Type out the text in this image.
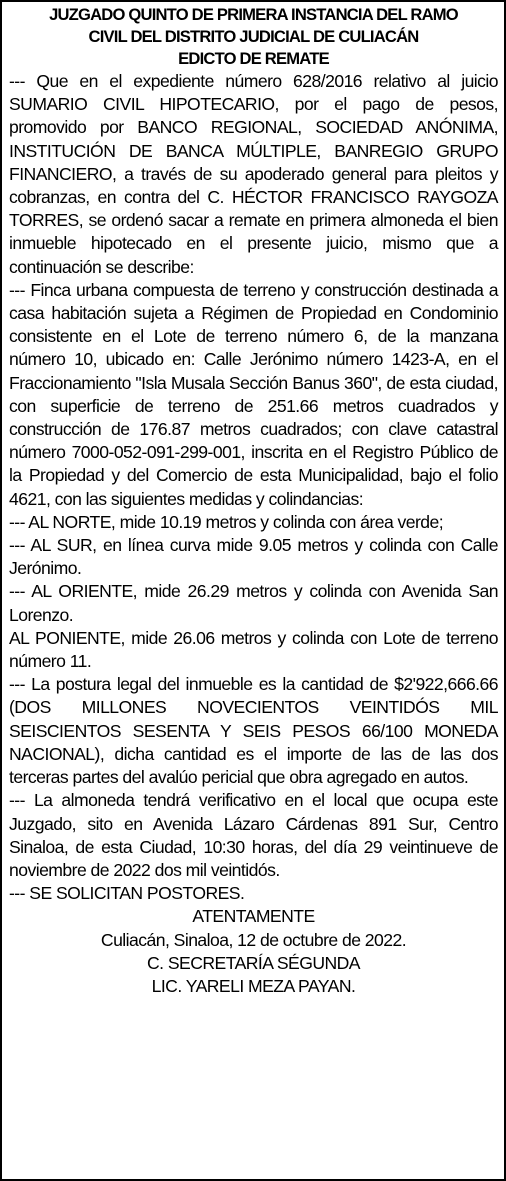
JUZGADO QUINTO DE PRIMERA INSTANCIA DEL RAMO

CIVIL DEL DISTRITO JUDICIAL DE CULIACÁN

EDICTO DE REMATE

--- Que en el expediente número 628/2016 relativo al juicio SUMARIO CIVIL HIPOTECARIO, por el pago de pesos, promovido por BANCO REGIONAL, SOCIEDAD ANÓNIMA, INSTITUCIÓN DE BANCA MÚLTIPLE, BANREGIO GRUPO FINANCIERO, a través de su apoderado general para pleitos y cobranzas, en contra del C. HÉCTOR FRANCISCO RAYGOZA TORRES, se ordenó sacar a remate en primera almoneda el bien inmueble hipotecado en el presente juicio, mismo que a continuación se describe:

--- Finca urbana compuesta de terreno y construcción destinada a casa habitación sujeta a Régimen de Propiedad en Condominio consistente en el Lote de terreno número 6, de la manzana número 10, ubicado en: Calle Jerónimo número 1423-A, en el Fraccionamiento "Isla Musala Sección Banus 360", de esta ciudad, con superficie de terreno de 251.66 metros cuadrados y construcción de 176.87 metros cuadrados; con clave catastral número 7000-052-091-299-001, inscrita en el Registro Público de la Propiedad y del Comercio de esta Municipalidad, bajo el folio 4621, con las siguientes medidas y colindancias:

--- AL NORTE, mide 10.19 metros y colinda con área verde;

--- AL SUR, en línea curva mide 9.05 metros y colinda con Calle Jerónimo.

--- AL ORIENTE, mide 26.29 metros y colinda con Avenida San Lorenzo.

AL PONIENTE, mide 26.06 metros y colinda con Lote de terreno número 11.

--- La postura legal del inmueble es la cantidad de $2'922,666.66 (DOS MILLONES NOVECIENTOS VEINTIDÓS MIL SEISCIENTOS SESENTA Y SEIS PESOS 66/100 MONEDA NACIONAL), dicha cantidad es el importe de las de las dos terceras partes del avalúo pericial que obra agregado en autos.

--- La almoneda tendrá verificativo en el local que ocupa este Juzgado, sito en Avenida Lázaro Cárdenas 891 Sur, Centro Sinaloa, de esta Ciudad, 10:30 horas, del día 29 veintinueve de noviembre de 2022 dos mil veintidós.

--- SE SOLICITAN POSTORES.

ATENTAMENTE

Culiacán, Sinaloa, 12 de octubre de 2022.

C. SECRETARÍA SÉGUNDA

LIC. YARELI MEZA PAYAN.
